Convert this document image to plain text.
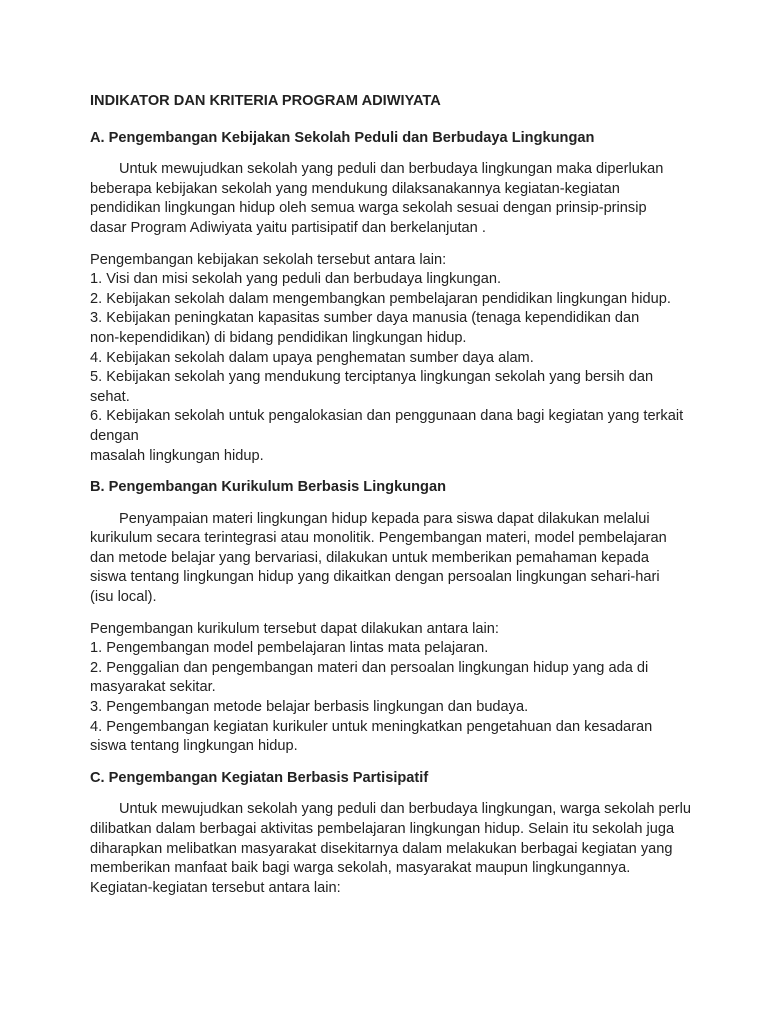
INDIKATOR DAN KRITERIA PROGRAM ADIWIYATA
A. Pengembangan Kebijakan Sekolah Peduli dan Berbudaya Lingkungan
Untuk mewujudkan sekolah yang peduli dan berbudaya lingkungan maka diperlukan
beberapa kebijakan sekolah yang mendukung dilaksanakannya kegiatan-kegiatan
pendidikan lingkungan hidup oleh semua warga sekolah sesuai dengan prinsip-prinsip
dasar Program Adiwiyata yaitu partisipatif dan berkelanjutan .
Pengembangan kebijakan sekolah tersebut antara lain:
1. Visi dan misi sekolah yang peduli dan berbudaya lingkungan.
2. Kebijakan sekolah dalam mengembangkan pembelajaran pendidikan lingkungan hidup.
3. Kebijakan peningkatan kapasitas sumber daya manusia (tenaga kependidikan dan
non-kependidikan) di bidang pendidikan lingkungan hidup.
4. Kebijakan sekolah dalam upaya penghematan sumber daya alam.
5. Kebijakan sekolah yang mendukung terciptanya lingkungan sekolah yang bersih dan
sehat.
6. Kebijakan sekolah untuk pengalokasian dan penggunaan dana bagi kegiatan yang terkait
dengan
masalah lingkungan hidup.
B. Pengembangan Kurikulum Berbasis Lingkungan
Penyampaian materi lingkungan hidup kepada para siswa dapat dilakukan melalui
kurikulum secara terintegrasi atau monolitik. Pengembangan materi, model pembelajaran
dan metode belajar yang bervariasi, dilakukan untuk memberikan pemahaman kepada
siswa tentang lingkungan hidup yang dikaitkan dengan persoalan lingkungan sehari-hari
(isu local).
Pengembangan kurikulum tersebut dapat dilakukan antara lain:
1. Pengembangan model pembelajaran lintas mata pelajaran.
2. Penggalian dan pengembangan materi dan persoalan lingkungan hidup yang ada di
masyarakat sekitar.
3. Pengembangan metode belajar berbasis lingkungan dan budaya.
4. Pengembangan kegiatan kurikuler untuk meningkatkan pengetahuan dan kesadaran
siswa tentang lingkungan hidup.
C. Pengembangan Kegiatan Berbasis Partisipatif
Untuk mewujudkan sekolah yang peduli dan berbudaya lingkungan, warga sekolah perlu
dilibatkan dalam berbagai aktivitas pembelajaran lingkungan hidup. Selain itu sekolah juga
diharapkan melibatkan masyarakat disekitarnya dalam melakukan berbagai kegiatan yang
memberikan manfaat baik bagi warga sekolah, masyarakat maupun lingkungannya.
Kegiatan-kegiatan tersebut antara lain:
